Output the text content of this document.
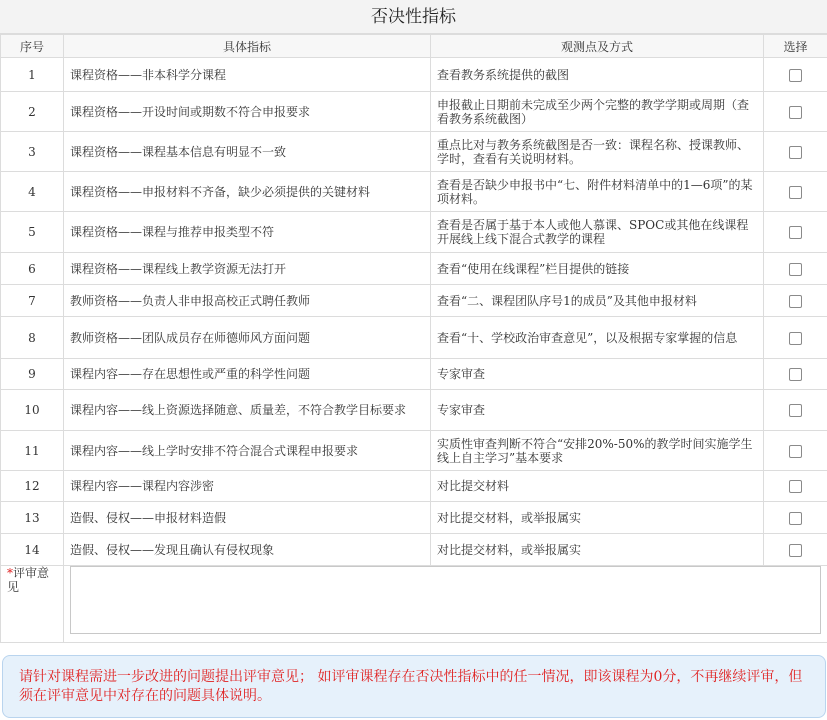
否决性指标
序号	具体指标	观测点及方式	选择
1	课程资格——非本科学分课程	查看教务系统提供的截图	
2	课程资格——开设时间或期数不符合申报要求	申报截止日期前未完成至少两个完整的教学学期或周期（查看教务系统截图）	
3	课程资格——课程基本信息有明显不一致	重点比对与教务系统截图是否一致：课程名称、授课教师、学时，查看有关说明材料。	
4	课程资格——申报材料不齐备，缺少必须提供的关键材料	查看是否缺少申报书中“七、附件材料清单中的1—6项”的某项材料。	
5	课程资格——课程与推荐申报类型不符	查看是否属于基于本人或他人慕课、SPOC或其他在线课程开展线上线下混合式教学的课程	
6	课程资格——课程线上教学资源无法打开	查看“使用在线课程”栏目提供的链接	
7	教师资格——负责人非申报高校正式聘任教师	查看“二、课程团队序号1的成员”及其他申报材料	
8	教师资格——团队成员存在师德师风方面问题	查看“十、学校政治审查意见”，以及根据专家掌握的信息	
9	课程内容——存在思想性或严重的科学性问题	专家审查	
10	课程内容——线上资源选择随意、质量差，不符合教学目标要求	专家审查	
11	课程内容——线上学时安排不符合混合式课程申报要求	实质性审查判断不符合“安排20%-50%的教学时间实施学生线上自主学习”基本要求	
12	课程内容——课程内容涉密	对比提交材料	
13	造假、侵权——申报材料造假	对比提交材料，或举报属实	
14	造假、侵权——发现且确认有侵权现象	对比提交材料，或举报属实	
*评审意见	
请针对课程需进一步改进的问题提出评审意见； 如评审课程存在否决性指标中的任一情况，即该课程为0分，不再继续评审，但须在评审意见中对存在的问题具体说明。
